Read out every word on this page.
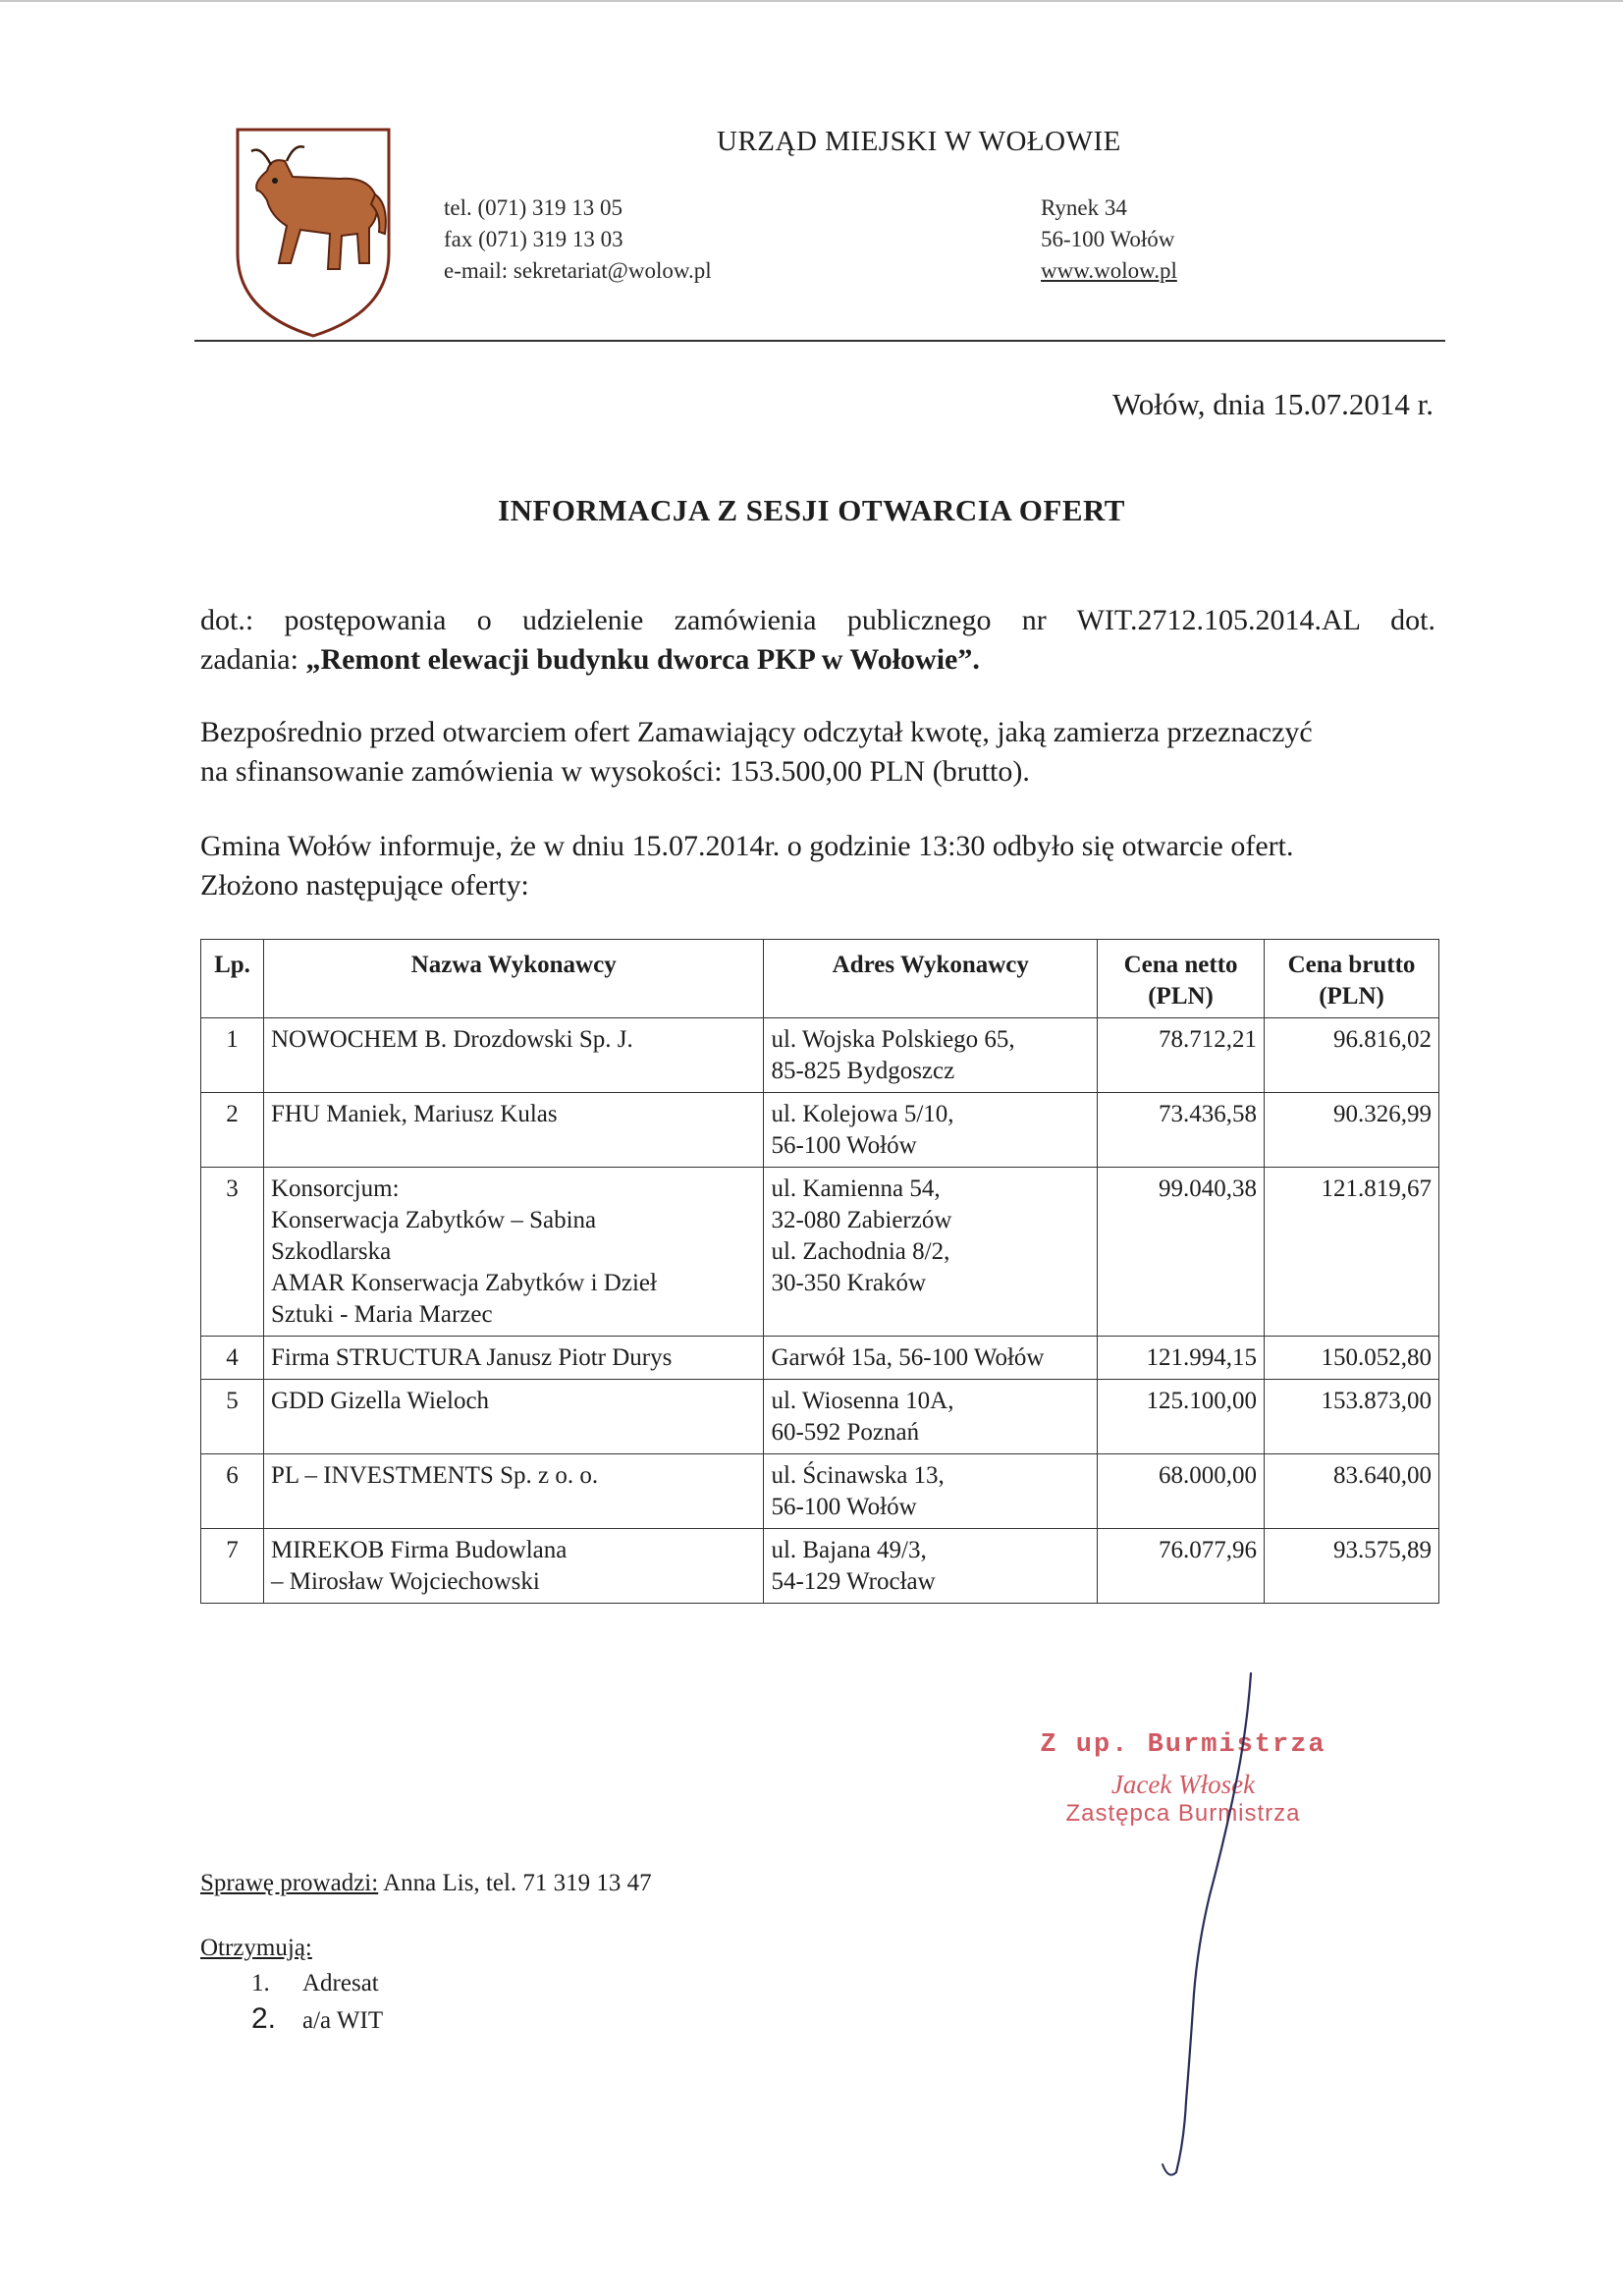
URZĄD MIEJSKI W WOŁOWIE
tel. (071) 319 13 05
fax (071) 319 13 03
e-mail: sekretariat@wolow.pl
Rynek 34
56-100 Wołów
www.wolow.pl
Wołów, dnia 15.07.2014 r.
INFORMACJA Z SESJI OTWARCIA OFERT
dot.: postępowania o udzielenie zamówienia publicznego nr WIT.2712.105.2014.AL dot.
zadania: „Remont elewacji budynku dworca PKP w Wołowie”.
Bezpośrednio przed otwarciem ofert Zamawiający odczytał kwotę, jaką zamierza przeznaczyć
na sfinansowanie zamówienia w wysokości: 153.500,00 PLN (brutto).
Gmina Wołów informuje, że w dniu 15.07.2014r. o godzinie 13:30 odbyło się otwarcie ofert.
Złożono następujące oferty:
Lp.	Nazwa Wykonawcy	Adres Wykonawcy	Cena netto
(PLN)	Cena brutto
(PLN)

1	NOWOCHEM B. Drozdowski Sp. J.	ul. Wojska Polskiego 65,
85-825 Bydgoszcz	78.712,21	96.816,02
2	FHU Maniek, Mariusz Kulas	ul. Kolejowa 5/10,
56-100 Wołów	73.436,58	90.326,99
3	Konsorcjum:
Konserwacja Zabytków – Sabina
Szkodlarska
AMAR Konserwacja Zabytków i Dzieł
Sztuki - Maria Marzec	ul. Kamienna 54,
32-080 Zabierzów
ul. Zachodnia 8/2,
30-350 Kraków	99.040,38	121.819,67
4	Firma STRUCTURA Janusz Piotr Durys	Garwół 15a, 56-100 Wołów	121.994,15	150.052,80
5	GDD Gizella Wieloch	ul. Wiosenna 10A,
60-592 Poznań	125.100,00	153.873,00
6	PL – INVESTMENTS Sp. z o. o.	ul. Ścinawska 13,
56-100 Wołów	68.000,00	83.640,00
7	MIREKOB Firma Budowlana
– Mirosław Wojciechowski	ul. Bajana 49/3,
54-129 Wrocław	76.077,96	93.575,89
Z up. Burmistrza
Jacek Włosek
Zastępca Burmistrza
Sprawę prowadzi: Anna Lis, tel. 71 319 13 47
Otrzymują:
1. Adresat
2. a/a WIT
